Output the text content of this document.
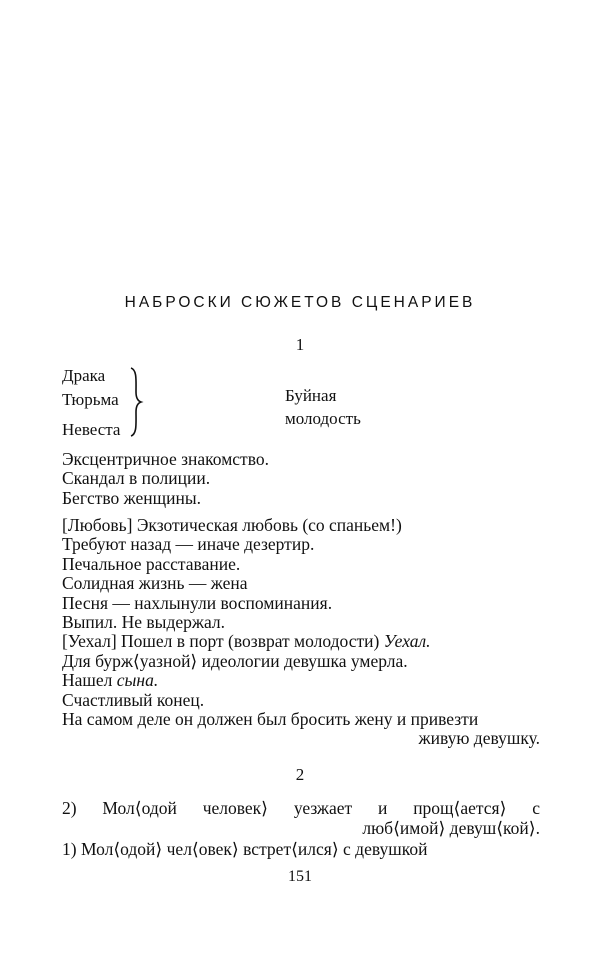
НАБРОСКИ СЮЖЕТОВ СЦЕНАРИЕВ
1
Драка
Тюрьма
Невеста
Буйная
молодость
Эксцентричное знакомство.
Скандал в полиции.
Бегство женщины.
[Любовь] Экзотическая любовь (со спаньем!)
Требуют назад — иначе дезертир.
Печальное расставание.
Солидная жизнь — жена
Песня — нахлынули воспоминания.
Выпил. Не выдержал.
[Уехал] Пошел в порт (возврат молодости) Уехал.
Для бурж⟨уазной⟩ идеологии девушка умерла.
Нашел сына.
Счастливый конец.
На самом деле он должен был бросить жену и привезти
живую девушку.
2
2) Мол⟨одой человек⟩ уезжает и прощ⟨ается⟩ с
люб⟨имой⟩ девуш⟨кой⟩.
1) Мол⟨одой⟩ чел⟨овек⟩ встрет⟨ился⟩ с девушкой
151
